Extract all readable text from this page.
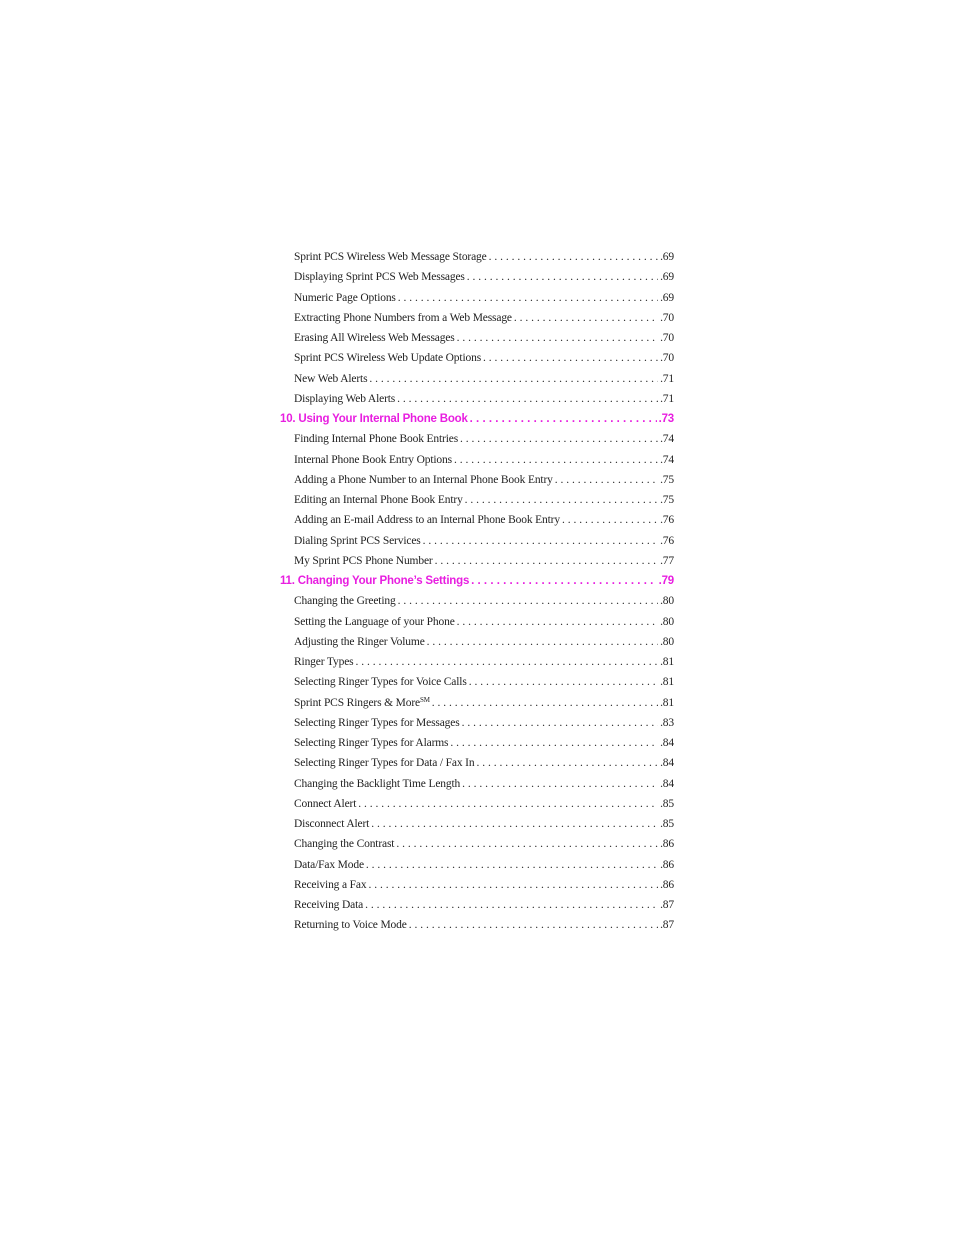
Sprint PCS Wireless Web Message Storage . . .	.69
Displaying Sprint PCS Web Messages . . .	.69
Numeric Page Options . . .	.69
Extracting Phone Numbers from a Web Message . . .	.70
Erasing All Wireless Web Messages . . .	.70
Sprint PCS Wireless Web Update Options . . .	.70
New Web Alerts . . .	.71
Displaying Web Alerts . . .	.71
10. Using Your Internal Phone Book . . .	.73
Finding Internal Phone Book Entries . . .	.74
Internal Phone Book Entry Options . . .	.74
Adding a Phone Number to an Internal Phone Book Entry . . .	.75
Editing an Internal Phone Book Entry . . .	.75
Adding an E-mail Address to an Internal Phone Book Entry . . .	.76
Dialing Sprint PCS Services . . .	.76
My Sprint PCS Phone Number . . .	.77
11. Changing Your Phone’s Settings . . .	.79
Changing the Greeting . . .	.80
Setting the Language of your Phone . . .	.80
Adjusting the Ringer Volume . . .	.80
Ringer Types . . .	.81
Selecting Ringer Types for Voice Calls . . .	.81
Sprint PCS Ringers & More℠ . . .	.81
Selecting Ringer Types for Messages . . .	.83
Selecting Ringer Types for Alarms . . .	.84
Selecting Ringer Types for Data / Fax In . . .	.84
Changing the Backlight Time Length . . .	.84
Connect Alert . . .	.85
Disconnect Alert . . .	.85
Changing the Contrast . . .	.86
Data/Fax Mode . . .	.86
Receiving a Fax . . .	.86
Receiving Data . . .	.87
Returning to Voice Mode . . .	.87
